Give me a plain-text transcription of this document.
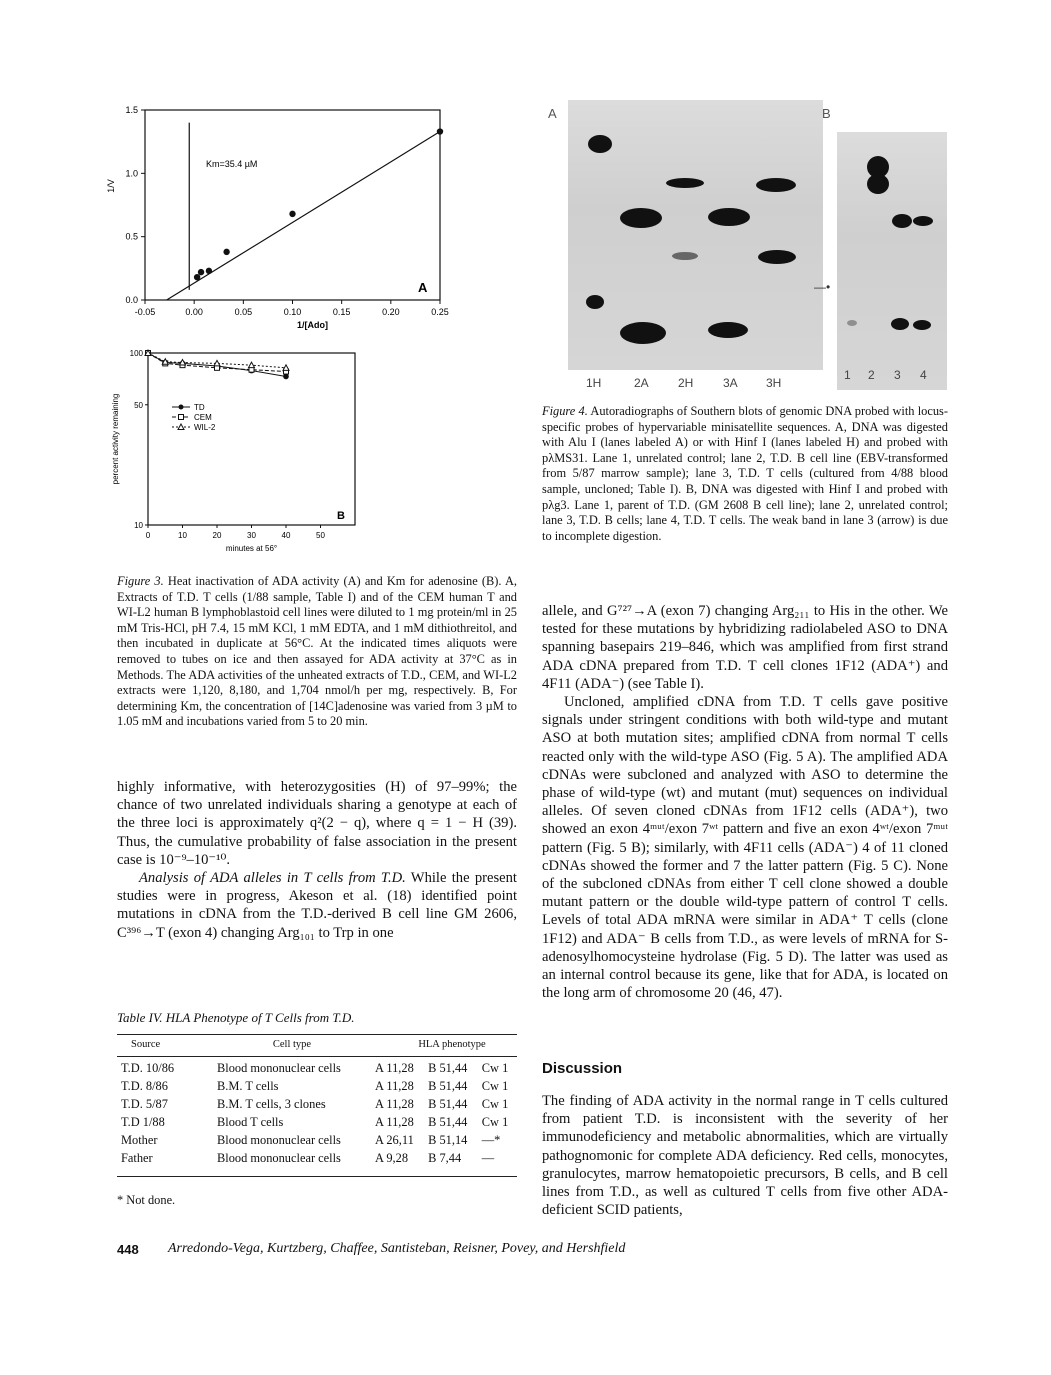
-0.05	0.00	0.05	0.10	0.15	0.20	0.25
0.0
0.5
1.0
1.5
1/[Ado]
1/V
Km=35.4 µM
A
0	10	20	30	40	50
10
50
100
minutes at 56°
percent activity remaining	TD
CEM
WIL-2
B
Figure 3. Heat inactivation of ADA activity (A) and Km for adenosine (B). A, Extracts of T.D. T cells (1/88 sample, Table I) and of the CEM human T and WI-L2 human B lymphoblastoid cell lines were diluted to 1 mg protein/ml in 25 mM Tris-HCl, pH 7.4, 15 mM KCl, 1 mM EDTA, and 1 mM dithiothreitol, and then incubated in duplicate at 56°C. At the indicated times aliquots were removed to tubes on ice and then assayed for ADA activity at 37°C as in Methods. The ADA activities of the unheated extracts of T.D., CEM, and WI-L2 extracts were 1,120, 8,180, and 1,704 nmol/h per mg, respectively. B, For determining Km, the concentration of [14C]adenosine was varied from 3 µM to 1.05 mM and incubations varied from 5 to 20 min.

highly informative, with heterozygosities (H) of 97–99%; the chance of two unrelated individuals sharing a genotype at each of the three loci is approximately q²(2 − q), where q = 1 − H (39). Thus, the cumulative probability of false association in the present case is 10⁻⁹–10⁻¹⁰.

Analysis of ADA alleles in T cells from T.D. While the present studies were in progress, Akeson et al. (18) identified point mutations in cDNA from the T.D.-derived B cell line GM 2606, C³⁹⁶→T (exon 4) changing Arg₁₀₁ to Trp in one

Table IV. HLA Phenotype of T Cells from T.D.
Source	Cell type	HLA phenotype		

T.D. 10/86	Blood mononuclear cells	A 11,28	B 51,44	Cw 1
T.D. 8/86	B.M. T cells	A 11,28	B 51,44	Cw 1
T.D. 5/87	B.M. T cells, 3 clones	A 11,28	B 51,44	Cw 1
T.D 1/88	Blood T cells	A 11,28	B 51,44	Cw 1
Mother	Blood mononuclear cells	A 26,11	B 51,14	—*
Father	Blood mononuclear cells	A 9,28	B 7,44	—
* Not done.
A	B
—•
1H	2A 2H 3A 3H
1 2 3 4
Figure 4. Autoradiographs of Southern blots of genomic DNA probed with locus-specific probes of hypervariable minisatellite sequences. A, DNA was digested with Alu I (lanes labeled A) or with Hinf I (lanes labeled H) and probed with pλMS31. Lane 1, unrelated control; lane 2, T.D. B cell line (EBV-transformed from 5/87 marrow sample); lane 3, T.D. T cells (cultured from 4/88 blood sample, uncloned; Table I). B, DNA was digested with Hinf I and probed with pλg3. Lane 1, parent of T.D. (GM 2608 B cell line); lane 2, unrelated control; lane 3, T.D. B cells; lane 4, T.D. T cells. The weak band in lane 3 (arrow) is due to incomplete digestion.

allele, and G⁷²⁷→A (exon 7) changing Arg₂₁₁ to His in the other. We tested for these mutations by hybridizing radiolabeled ASO to DNA spanning basepairs 219–846, which was amplified from first strand ADA cDNA prepared from T.D. T cell clones 1F12 (ADA⁺) and 4F11 (ADA⁻) (see Table I).

Uncloned, amplified cDNA from T.D. T cells gave positive signals under stringent conditions with both wild-type and mutant ASO at both mutation sites; amplified cDNA from normal T cells reacted only with the wild-type ASO (Fig. 5 A). The amplified ADA cDNAs were subcloned and analyzed with ASO to determine the phase of wild-type (wt) and mutant (mut) sequences on individual alleles. Of seven cloned cDNAs from 1F12 cells (ADA⁺), two showed an exon 4ᵐᵘᵗ/exon 7ʷᵗ pattern and five an exon 4ʷᵗ/exon 7ᵐᵘᵗ pattern (Fig. 5 B); similarly, with 4F11 cells (ADA⁻) 4 of 11 cloned cDNAs showed the former and 7 the latter pattern (Fig. 5 C). None of the subcloned cDNAs from either T cell clone showed a double mutant pattern or the double wild-type pattern of control T cells. Levels of total ADA mRNA were similar in ADA⁺ T cells (clone 1F12) and ADA⁻ B cells from T.D., as were levels of mRNA for S-adenosylhomocysteine hydrolase (Fig. 5 D). The latter was used as an internal control because its gene, like that for ADA, is located on the long arm of chromosome 20 (46, 47).

Discussion

The finding of ADA activity in the normal range in T cells cultured from patient T.D. is inconsistent with the severity of her immunodeficiency and metabolic abnormalities, which are virtually pathognomonic for complete ADA deficiency. Red cells, monocytes, granulocytes, marrow hematopoietic precursors, B cells, and B cell lines from T.D., as well as cultured T cells from five other ADA-deficient SCID patients,

448 Arredondo-Vega, Kurtzberg, Chaffee, Santisteban, Reisner, Povey, and Hershfield
